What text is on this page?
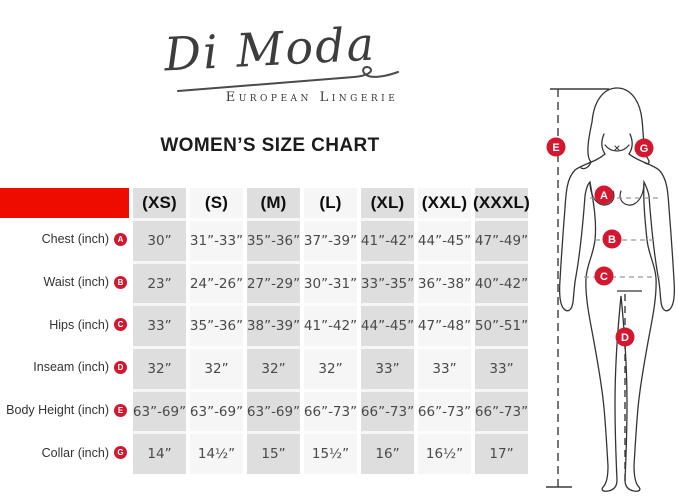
Di Moda
European Lingerie
WOMEN’S SIZE CHART
(XS)	(S)	(M)	(L)	(XL)	(XXL) (XXXL)
Chest (inch)	A	30”	31”-33” 35”-36” 37”-39” 41”-42” 44”-45” 47”-49”
Waist (inch)	B	23”	24”-26” 27”-29” 30”-31” 33”-35” 36”-38” 40”-42”
Hips (inch)	C	33”	35”-36” 38”-39” 41”-42” 44”-45” 47”-48” 50”-51”
Inseam (inch)	D	32”	32”	32”	32”	33”	33”	33”
Body Height (inch)	E 63”-69” 63”-69” 63”-69” 66”-73” 66”-73” 66”-73” 66”-73”
Collar (inch)	G	14”	14½”	15”	15½”	16”	16½”	17”
A
B
C
D
E	G
